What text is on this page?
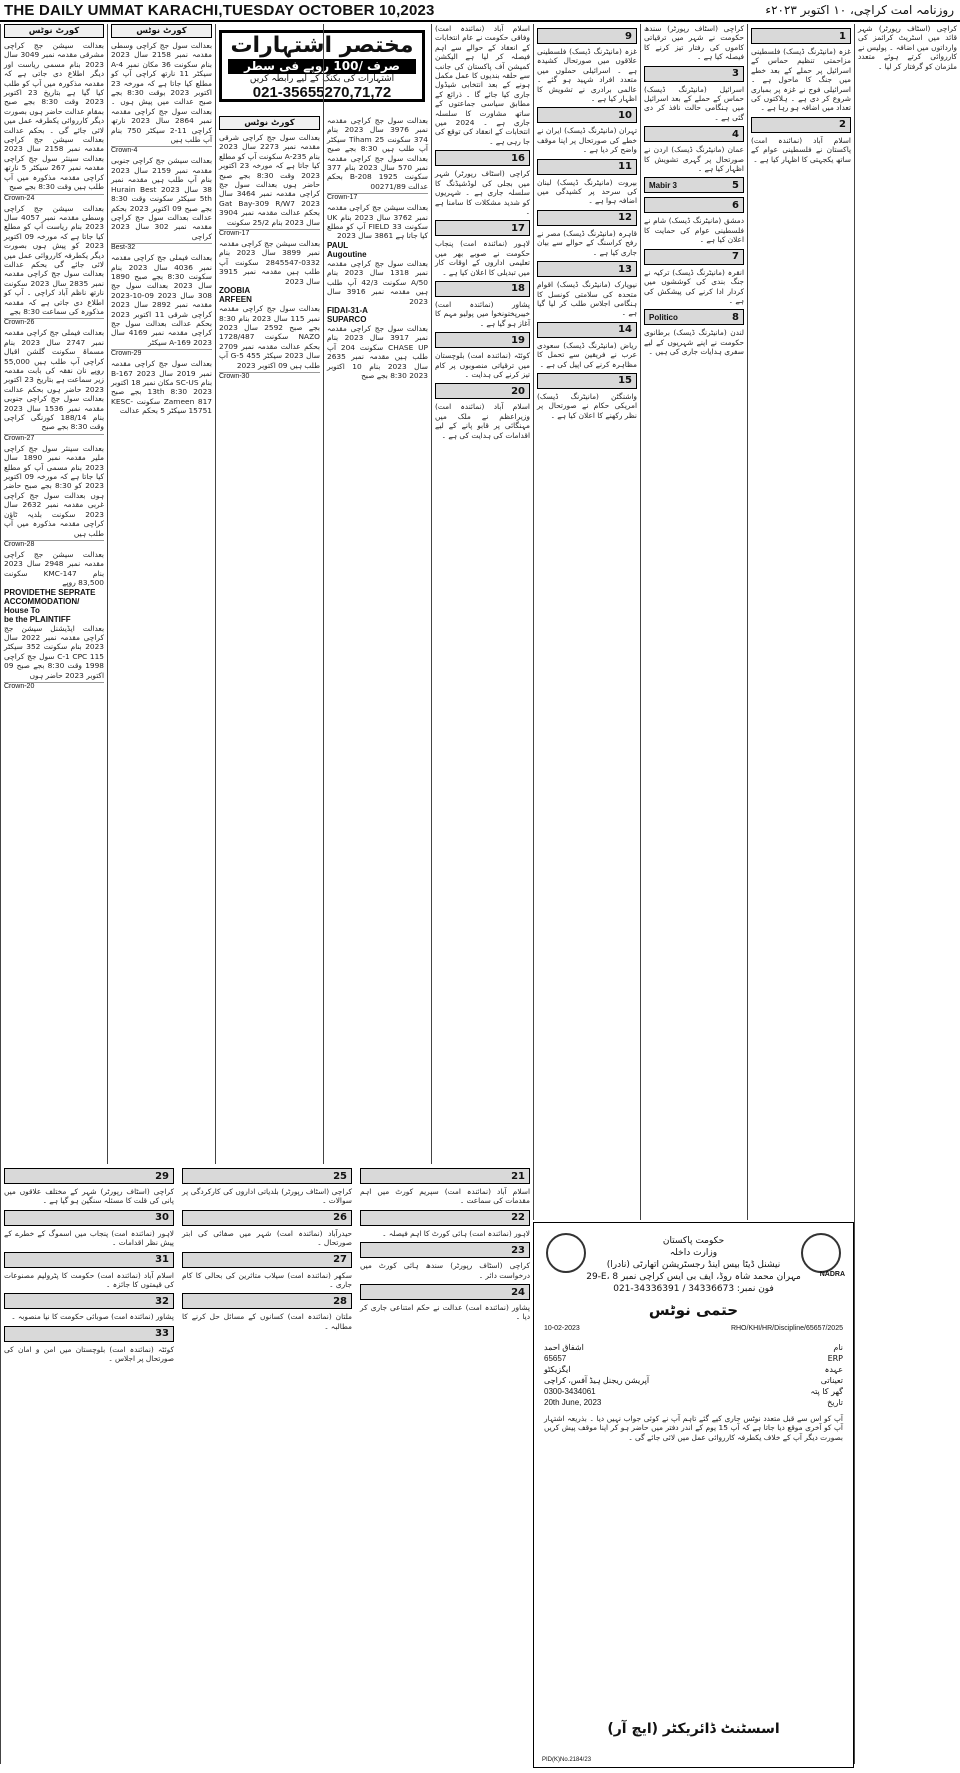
THE DAILY UMMAT KARACHI,TUESDAY OCTOBER 10,2023	روزنامہ امت کراچی، ۱۰ اکتوبر ۲۰۲۳ء
کورٹ نوٹس
بعدالت سیشن جج کراچی مشرقی مقدمہ نمبر 3049 سال 2023 بنام مسمی ریاست اور دیگر اطلاع دی جاتی ہے کہ مقدمہ مذکورہ میں آپ کو طلب کیا گیا ہے بتاریخ 23 اکتوبر 2023 وقت 8:30 بجے صبح بمقام عدالت حاضر ہوں بصورت دیگر کارروائی یکطرفہ عمل میں لائی جائے گی ۔ بحکم عدالت بعدالت سیشن جج کراچی مقدمہ نمبر 2158 سال 2023 بعدالت سینئر سول جج کراچی مقدمہ نمبر 267 سیکٹر 5 نارتھ کراچی مقدمہ مذکورہ میں آپ طلب ہیں وقت 8:30 بجے صبح
Crown-24
بعدالت سیشن جج کراچی وسطی مقدمہ نمبر 4057 سال 2023 بنام ریاست آپ کو مطلع کیا جاتا ہے کہ مورخہ 09 اکتوبر 2023 کو پیش ہوں بصورت دیگر یکطرفہ کارروائی عمل میں لائی جائے گی بحکم عدالت بعدالت سول جج کراچی مقدمہ نمبر 2835 سال 2023 سکونت نارتھ ناظم آباد کراچی ۔ آپ کو اطلاع دی جاتی ہے کہ مقدمہ مذکورہ کی سماعت 8:30 بجے
Crown-26
بعدالت فیملی جج کراچی مقدمہ نمبر 2747 سال 2023 بنام مسماۃ سکونت گلشن اقبال کراچی آپ طلب ہیں 55,000 روپے نان نفقہ کی بابت مقدمہ زیر سماعت ہے بتاریخ 23 اکتوبر 2023 حاضر ہوں بحکم عدالت بعدالت سول جج کراچی جنوبی مقدمہ نمبر 1536 سال 2023 بنام 188/14 کورنگی کراچی وقت 8:30 بجے صبح
Crown-27
بعدالت سینئر سول جج کراچی ملیر مقدمہ نمبر 1890 سال 2023 بنام مسمی آپ کو مطلع کیا جاتا ہے کہ مورخہ 09 اکتوبر 2023 کو 8:30 بجے صبح حاضر ہوں بعدالت سول جج کراچی غربی مقدمہ نمبر 2632 سال 2023 سکونت بلدیہ ٹاؤن کراچی مقدمہ مذکورہ میں آپ طلب ہیں
Crown-28
بعدالت سیشن جج کراچی مقدمہ نمبر 2948 سال 2023 بنام KMC-147 سکونت 83,500 روپے
PROVIDETHE SEPRATE
ACCOMMODATION/ House To
be the PLAINTIFF
بعدالت ایڈیشنل سیشن جج کراچی مقدمہ نمبر 2022 سال 2023 بنام سکونت 352 سیکٹر C-1 CPC 115 سول جج کراچی 1998 وقت 8:30 بجے صبح 09 اکتوبر 2023 حاضر ہوں
Crown-20
کورٹ نوٹس
بعدالت سول جج کراچی وسطی مقدمہ نمبر 2158 سال 2023 بنام سکونت 36 مکان نمبر A-4 سیکٹر 11 نارتھ کراچی آپ کو مطلع کیا جاتا ہے کہ مورخہ 23 اکتوبر 2023 بوقت 8:30 بجے صبح عدالت میں پیش ہوں ۔ بعدالت سول جج کراچی مقدمہ نمبر 2864 سال 2023 نارتھ کراچی 11-2 سیکٹر 750 بنام آپ طلب ہیں
Crown-4
بعدالت سیشن جج کراچی جنوبی مقدمہ نمبر 2159 سال 2023 بنام آپ طلب ہیں مقدمہ نمبر 38 سال 2023 Hurain Best 5th سیکٹر سکونت وقت 8:30 بجے صبح 09 اکتوبر 2023 بحکم عدالت بعدالت سول جج کراچی مقدمہ نمبر 302 سال 2023 کراچی
Best-32
بعدالت فیملی جج کراچی مقدمہ نمبر 4036 سال 2023 بنام سکونت 8:30 بجے صبح 1890 سال 2023 بعدالت سول جج 308 سال 2023 09-10-2023 مقدمہ نمبر 2892 سال 2023 کراچی شرقی 11 اکتوبر 2023 بحکم عدالت بعدالت سول جج کراچی مقدمہ نمبر 4169 سال 2023 A-169 سیکٹر
Crown-29
بعدالت سول جج کراچی مقدمہ نمبر 2019 سال 2023 B-167 بنام SC-US مکان نمبر 18 اکتوبر 2023 13th 8:30 بجے صبح Zameen 817 سکونت KESC-15751 سیکٹر 5 بحکم عدالت
کورٹ نوٹس
بعدالت سول جج کراچی شرقی مقدمہ نمبر 2273 سال 2023 بنام A-235 سکونت آپ کو مطلع کیا جاتا ہے کہ مورخہ 23 اکتوبر 2023 وقت 8:30 بجے صبح حاضر ہوں بعدالت سول جج کراچی مقدمہ نمبر 3464 سال 2023 Gat Bay-309 R/W7 بحکم عدالت مقدمہ نمبر 3904 سال 2023 بنام 25/2 سکونت
Crown-17
بعدالت سیشن جج کراچی مقدمہ نمبر 3899 سال 2023 بنام 0332-2845547 سکونت آپ طلب ہیں مقدمہ نمبر 3915 سال 2023
ZOOBIA
ARFEEN
بعدالت سول جج کراچی مقدمہ نمبر 115 سال 2023 بنام 8:30 بجے صبح 2592 سال 2023 NAZO سکونت 1728/487 بحکم عدالت مقدمہ نمبر 2709 سال 2023 سیکٹر 455 G-5 آپ طلب ہیں 09 اکتوبر 2023
Crown-30
مختصر اشتہارات
صرف /100 روپے فی سطر
اشتہارات کی بکنگ کے لیے رابطہ کریں
021-35655270,71,72
بعدالت سول جج کراچی مقدمہ نمبر 3976 سال 2023 بنام 374 سکونت Tiham 25 سیکٹر آپ طلب ہیں 8:30 بجے صبح بعدالت سول جج کراچی مقدمہ نمبر 570 سال 2023 بنام 377 سکونت 1925 B-208 بحکم عدالت 00271/89
Crown-17
بعدالت سیشن جج کراچی مقدمہ نمبر 3762 سال 2023 بنام UK سکونت FIELD 33 آپ کو مطلع کیا جاتا ہے 3861 سال 2023
PAUL
Augoutine
بعدالت سول جج کراچی مقدمہ نمبر 1318 سال 2023 بنام 50/A سکونت 42/3 آپ طلب ہیں مقدمہ نمبر 3916 سال 2023
FIDAI-31-A
SUPARCO
بعدالت سول جج کراچی مقدمہ نمبر 3917 سال 2023 بنام CHASE UP سکونت 204 آپ طلب ہیں مقدمہ نمبر 2635 سال 2023 بنام 10 اکتوبر 2023 8:30 بجے صبح
اسلام آباد (نمائندہ امت) وفاقی حکومت نے عام انتخابات کے انعقاد کے حوالے سے اہم فیصلہ کر لیا ہے الیکشن کمیشن آف پاکستان کی جانب سے حلقہ بندیوں کا عمل مکمل ہونے کے بعد انتخابی شیڈول جاری کیا جائے گا ۔ ذرائع کے مطابق سیاسی جماعتوں کے ساتھ مشاورت کا سلسلہ جاری ہے ۔ 2024 میں انتخابات کے انعقاد کی توقع کی جا رہی ہے ۔
16
کراچی (اسٹاف رپورٹر) شہر میں بجلی کی لوڈشیڈنگ کا سلسلہ جاری ہے ۔ شہریوں کو شدید مشکلات کا سامنا ہے ۔
17
لاہور (نمائندہ امت) پنجاب حکومت نے صوبے بھر میں تعلیمی اداروں کے اوقات کار میں تبدیلی کا اعلان کیا ہے ۔
18
پشاور (نمائندہ امت) خیبرپختونخوا میں پولیو مہم کا آغاز ہو گیا ہے ۔
19
کوئٹہ (نمائندہ امت) بلوچستان میں ترقیاتی منصوبوں پر کام تیز کرنے کی ہدایت ۔
20
اسلام آباد (نمائندہ امت) وزیراعظم نے ملک میں مہنگائی پر قابو پانے کے لیے اقدامات کی ہدایت کی ہے ۔
9
غزہ (مانیٹرنگ ڈیسک) فلسطینی علاقوں میں صورتحال کشیدہ ہے ۔ اسرائیلی حملوں میں متعدد افراد شہید ہو گئے ۔ عالمی برادری نے تشویش کا اظہار کیا ہے ۔
10
تہران (مانیٹرنگ ڈیسک) ایران نے خطے کی صورتحال پر اپنا موقف واضح کر دیا ہے ۔
11
بیروت (مانیٹرنگ ڈیسک) لبنان کی سرحد پر کشیدگی میں اضافہ ہوا ہے ۔
12
قاہرہ (مانیٹرنگ ڈیسک) مصر نے رفح کراسنگ کے حوالے سے بیان جاری کیا ہے ۔
13
نیویارک (مانیٹرنگ ڈیسک) اقوام متحدہ کی سلامتی کونسل کا ہنگامی اجلاس طلب کر لیا گیا ہے ۔
14
ریاض (مانیٹرنگ ڈیسک) سعودی عرب نے فریقین سے تحمل کا مظاہرہ کرنے کی اپیل کی ہے ۔
15
واشنگٹن (مانیٹرنگ ڈیسک) امریکی حکام نے صورتحال پر نظر رکھنے کا اعلان کیا ہے ۔
کراچی (اسٹاف رپورٹر) سندھ حکومت نے شہر میں ترقیاتی کاموں کی رفتار تیز کرنے کا فیصلہ کیا ہے ۔
3
اسرائیل (مانیٹرنگ ڈیسک) حماس کے حملے کے بعد اسرائیل میں ہنگامی حالت نافذ کر دی گئی ہے ۔
4
عمان (مانیٹرنگ ڈیسک) اردن نے صورتحال پر گہری تشویش کا اظہار کیا ہے ۔
Mabir 3	5
6
دمشق (مانیٹرنگ ڈیسک) شام نے فلسطینی عوام کی حمایت کا اعلان کیا ہے ۔
7
انقرہ (مانیٹرنگ ڈیسک) ترکیہ نے جنگ بندی کی کوششوں میں کردار ادا کرنے کی پیشکش کی ہے ۔
Politico	8
لندن (مانیٹرنگ ڈیسک) برطانوی حکومت نے اپنے شہریوں کے لیے سفری ہدایات جاری کی ہیں ۔
1
غزہ (مانیٹرنگ ڈیسک) فلسطینی مزاحمتی تنظیم حماس کے اسرائیل پر حملے کے بعد خطے میں جنگ کا ماحول ہے ۔ اسرائیلی فوج نے غزہ پر بمباری شروع کر دی ہے ۔ ہلاکتوں کی تعداد میں اضافہ ہو رہا ہے ۔
2
اسلام آباد (نمائندہ امت) پاکستان نے فلسطینی عوام کے ساتھ یکجہتی کا اظہار کیا ہے ۔
کراچی (اسٹاف رپورٹر) شہر قائد میں اسٹریٹ کرائمز کی وارداتوں میں اضافہ ۔ پولیس نے کارروائی کرتے ہوئے متعدد ملزمان کو گرفتار کر لیا ۔
29
کراچی (اسٹاف رپورٹر) شہر کے مختلف علاقوں میں پانی کی قلت کا مسئلہ سنگین ہو گیا ہے ۔
30
لاہور (نمائندہ امت) پنجاب میں اسموگ کے خطرے کے پیش نظر اقدامات ۔
31
اسلام آباد (نمائندہ امت) حکومت کا پٹرولیم مصنوعات کی قیمتوں کا جائزہ ۔
32
پشاور (نمائندہ امت) صوبائی حکومت کا نیا منصوبہ ۔
33
کوئٹہ (نمائندہ امت) بلوچستان میں امن و امان کی صورتحال پر اجلاس ۔
25
کراچی (اسٹاف رپورٹر) بلدیاتی اداروں کی کارکردگی پر سوالات ۔
26
حیدرآباد (نمائندہ امت) شہر میں صفائی کی ابتر صورتحال ۔
27
سکھر (نمائندہ امت) سیلاب متاثرین کی بحالی کا کام جاری ۔
28
ملتان (نمائندہ امت) کسانوں کے مسائل حل کرنے کا مطالبہ ۔
21
اسلام آباد (نمائندہ امت) سپریم کورٹ میں اہم مقدمات کی سماعت ۔
22
لاہور (نمائندہ امت) ہائی کورٹ کا اہم فیصلہ ۔
23
کراچی (اسٹاف رپورٹر) سندھ ہائی کورٹ میں درخواست دائر ۔
24
پشاور (نمائندہ امت) عدالت نے حکم امتناعی جاری کر دیا ۔
NADRA
حکومت پاکستان
وزارت داخلہ
نیشنل ڈیٹا بیس اینڈ رجسٹریشن اتھارٹی (نادرا)
29-E، مہران محمد شاہ روڈ، ایف بی ایس کراچی نمبر 8
فون نمبر: 34336673 / 34336391-021
حتمی نوٹس
10-02-2023	RHO/KHI/HR/Discipline/65657/2025
نام
اشفاق احمد
ERP
65657
عہدہ
ایگزیکٹو
تعیناتی
آپریشن ریجنل ہیڈ آفس، کراچی
گھر کا پتہ
0300-3434061
تاریخ
20th June, 2023
آپ کو اس سے قبل متعدد نوٹس جاری کیے گئے تاہم آپ نے کوئی جواب نہیں دیا ۔ بذریعہ اشتہار آپ کو آخری موقع دیا جاتا ہے کہ آپ 15 یوم کے اندر دفتر میں حاضر ہو کر اپنا موقف پیش کریں بصورت دیگر آپ کے خلاف یکطرفہ کارروائی عمل میں لائی جائے گی ۔
اسسٹنٹ ڈائریکٹر (ایچ آر)
PID(K)No.2184/23
